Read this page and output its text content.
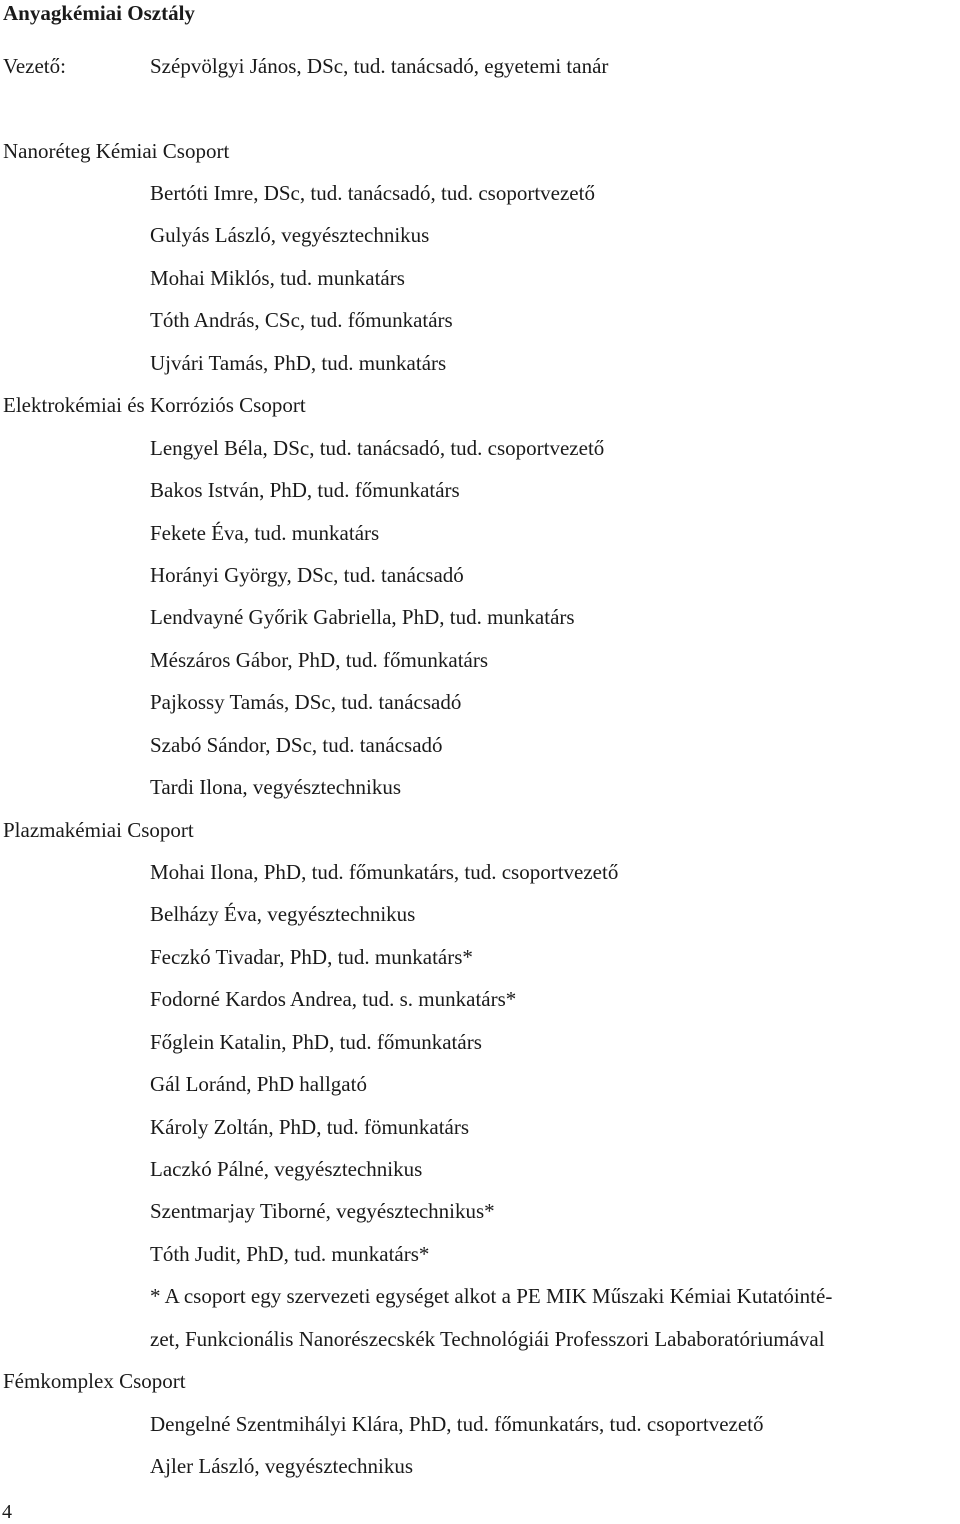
Anyagkémiai Osztály
Vezető:	Szépvölgyi János, DSc, tud. tanácsadó, egyetemi tanár
Nanoréteg Kémiai Csoport
Bertóti Imre, DSc, tud. tanácsadó, tud. csoportvezető
Gulyás László, vegyésztechnikus
Mohai Miklós, tud. munkatárs
Tóth András, CSc, tud. főmunkatárs
Ujvári Tamás, PhD, tud. munkatárs
Elektrokémiai és Korróziós Csoport
Lengyel Béla, DSc, tud. tanácsadó, tud. csoportvezető
Bakos István, PhD, tud. főmunkatárs
Fekete Éva, tud. munkatárs
Horányi György, DSc, tud. tanácsadó
Lendvayné Győrik Gabriella, PhD, tud. munkatárs
Mészáros Gábor, PhD, tud. főmunkatárs
Pajkossy Tamás, DSc, tud. tanácsadó
Szabó Sándor, DSc, tud. tanácsadó
Tardi Ilona, vegyésztechnikus
Plazmakémiai Csoport
Mohai Ilona, PhD, tud. főmunkatárs, tud. csoportvezető
Belházy Éva, vegyésztechnikus
Feczkó Tivadar, PhD, tud. munkatárs*
Fodorné Kardos Andrea, tud. s. munkatárs*
Főglein Katalin, PhD, tud. főmunkatárs
Gál Loránd, PhD hallgató
Károly Zoltán, PhD, tud. fömunkatárs
Laczkó Pálné, vegyésztechnikus
Szentmarjay Tiborné, vegyésztechnikus*
Tóth Judit, PhD, tud. munkatárs*
* A csoport egy szervezeti egységet alkot a PE MIK Műszaki Kémiai Kutatóinté-
zet, Funkcionális Nanorészecskék Technológiái Professzori Lababoratóriumával
Fémkomplex Csoport
Dengelné Szentmihályi Klára, PhD, tud. főmunkatárs, tud. csoportvezető
Ajler László, vegyésztechnikus
4
